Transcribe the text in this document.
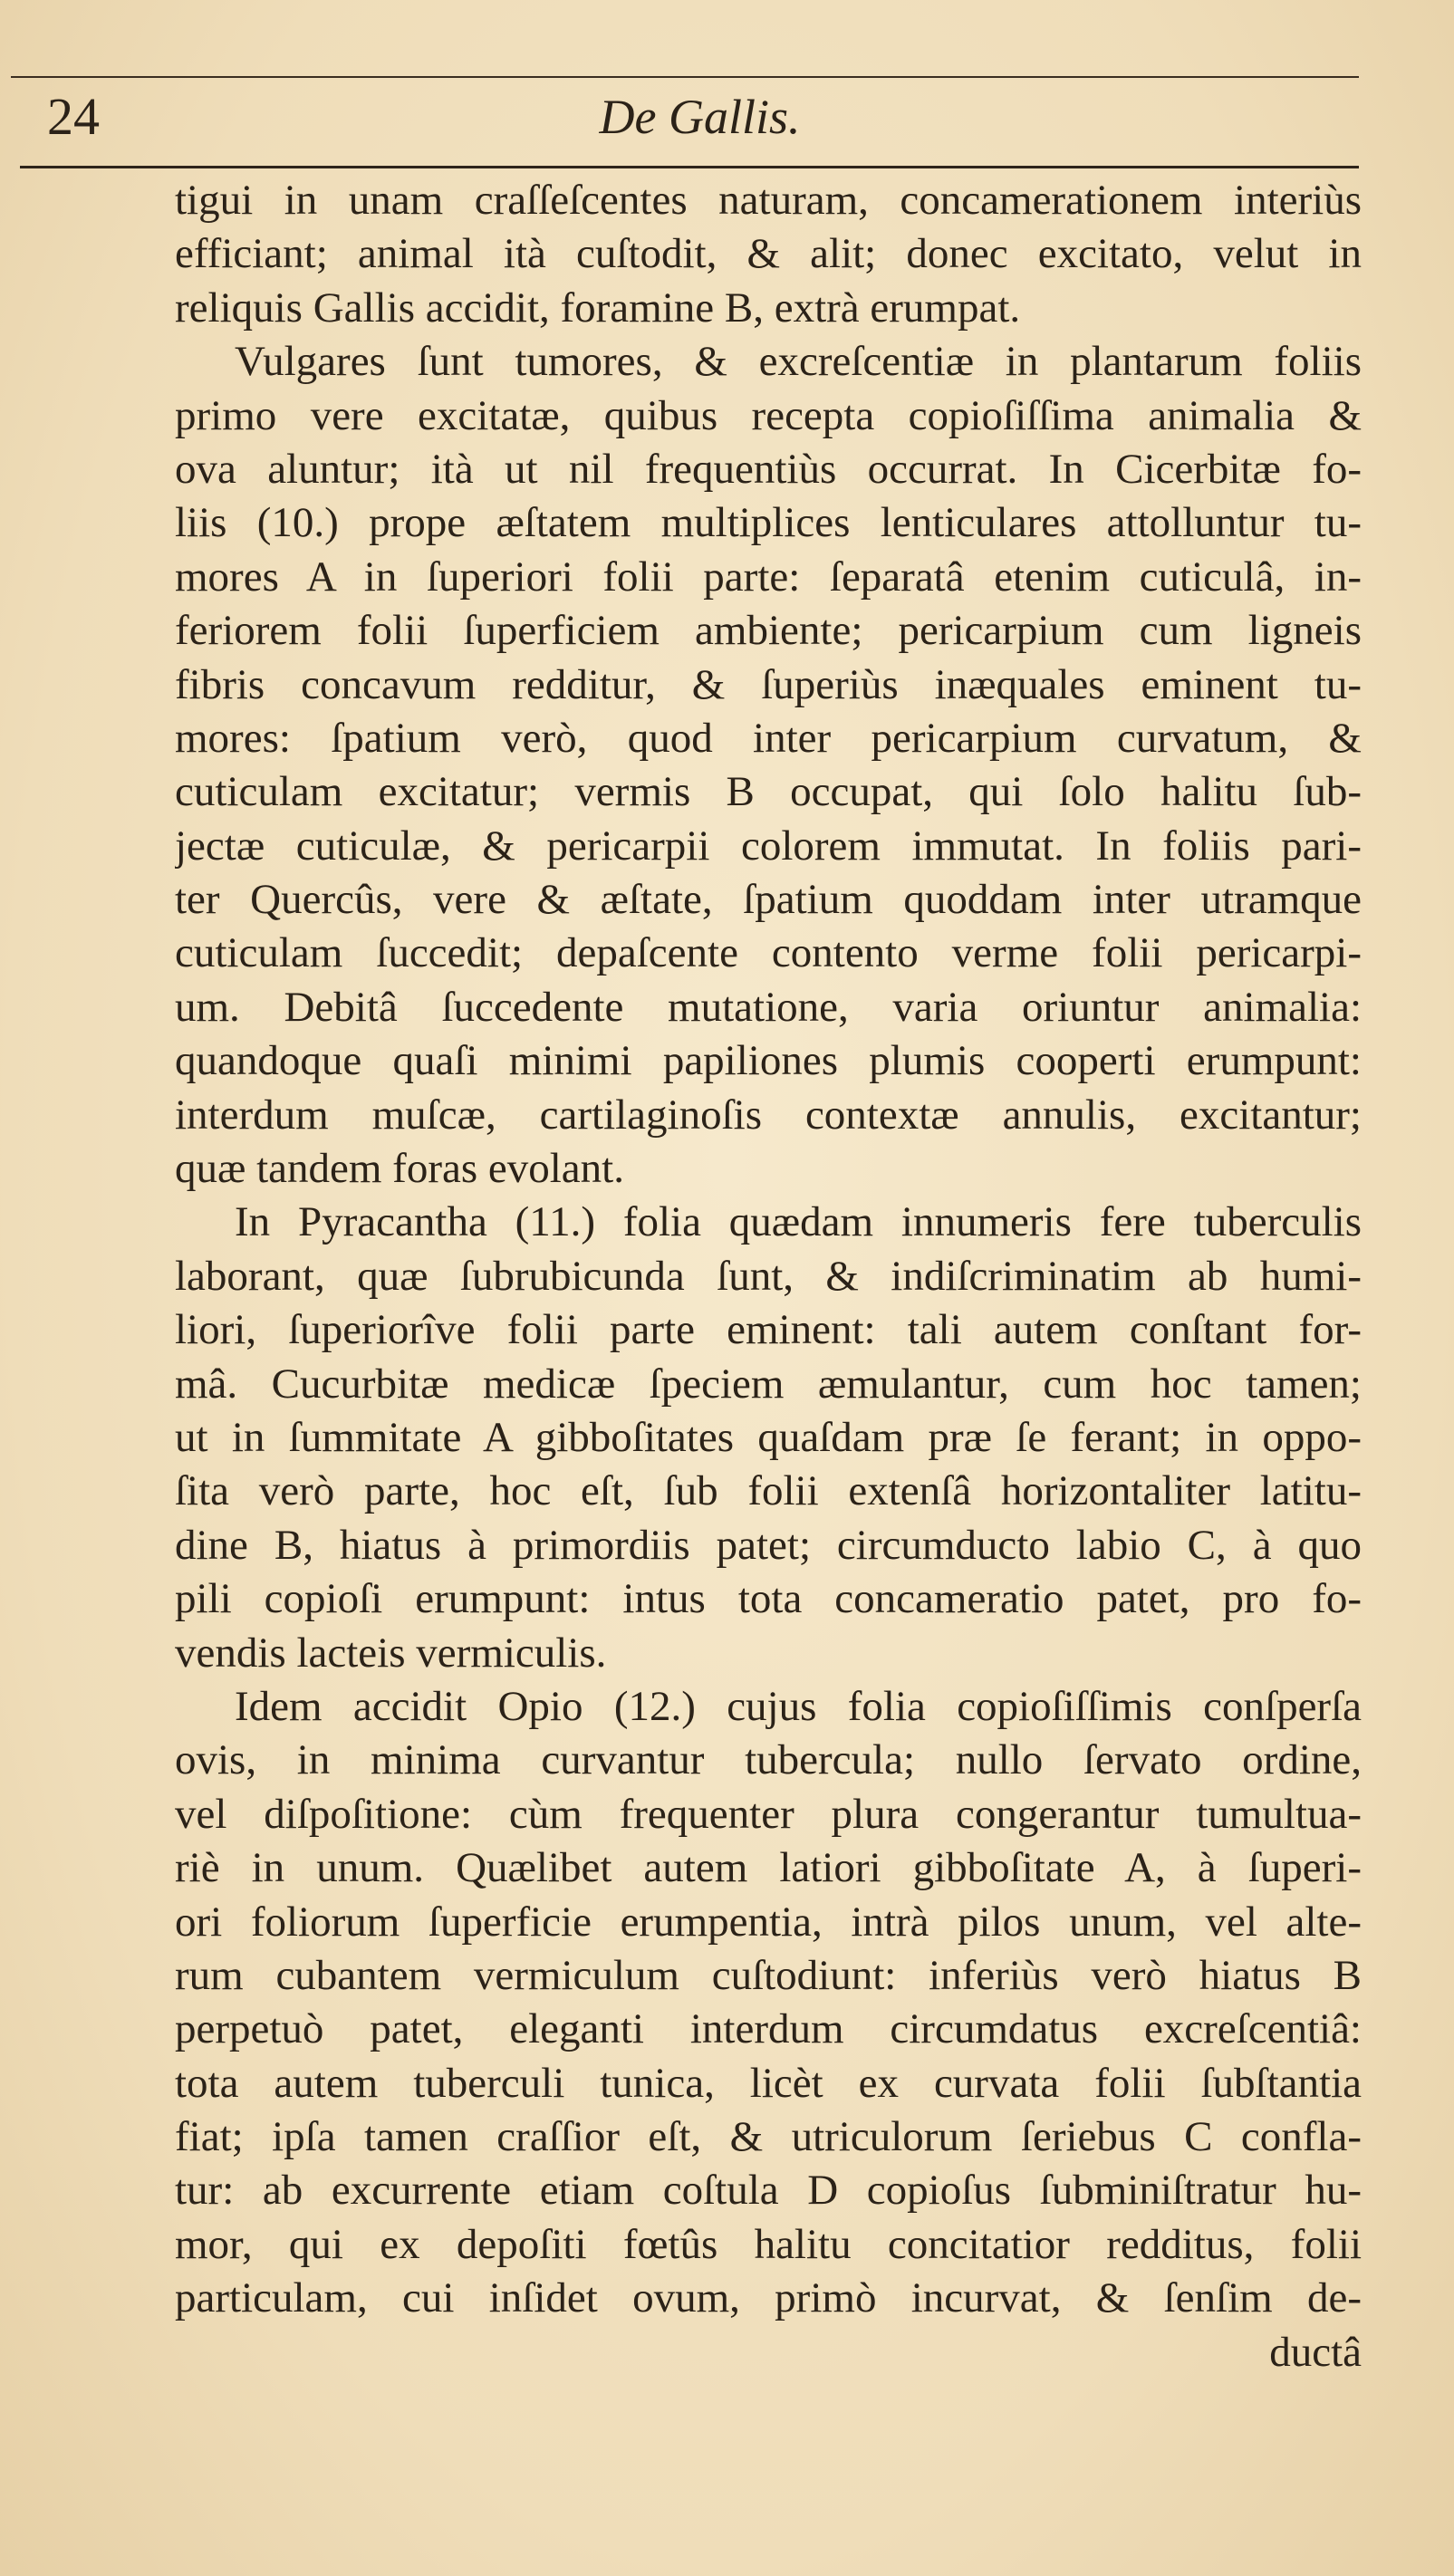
24	De Gallis.
tigui in unam craſſeſcentes naturam, concamerationem interiùs
efficiant; animal ità cuſtodit, & alit; donec excitato, velut in
reliquis Gallis accidit, foramine B, extrà erumpat.
Vulgares ſunt tumores, & excreſcentiæ in plantarum foliis
primo vere excitatæ, quibus recepta copioſiſſima animalia &
ova aluntur; ità ut nil frequentiùs occurrat. In Cicerbitæ fo-
liis (10.) prope æſtatem multiplices lenticulares attolluntur tu-
mores A in ſuperiori folii parte: ſeparatâ etenim cuticulâ, in-
feriorem folii ſuperficiem ambiente; pericarpium cum ligneis
fibris concavum redditur, & ſuperiùs inæquales eminent tu-
mores: ſpatium verò, quod inter pericarpium curvatum, &
cuticulam excitatur; vermis B occupat, qui ſolo halitu ſub-
jectæ cuticulæ, & pericarpii colorem immutat. In foliis pari-
ter Quercûs, vere & æſtate, ſpatium quoddam inter utramque
cuticulam ſuccedit; depaſcente contento verme folii pericarpi-
um. Debitâ ſuccedente mutatione, varia oriuntur animalia:
quandoque quaſi minimi papiliones plumis cooperti erumpunt:
interdum muſcæ, cartilaginoſis contextæ annulis, excitantur;
quæ tandem foras evolant.
In Pyracantha (11.) folia quædam innumeris fere tuberculis
laborant, quæ ſubrubicunda ſunt, & indiſcriminatim ab humi-
liori, ſuperiorîve folii parte eminent: tali autem conſtant for-
mâ. Cucurbitæ medicæ ſpeciem æmulantur, cum hoc tamen;
ut in ſummitate A gibboſitates quaſdam præ ſe ferant; in oppo-
ſita verò parte, hoc eſt, ſub folii extenſâ horizontaliter latitu-
dine B, hiatus à primordiis patet; circumducto labio C, à quo
pili copioſi erumpunt: intus tota concameratio patet, pro fo-
vendis lacteis vermiculis.
Idem accidit Opio (12.) cujus folia copioſiſſimis conſperſa
ovis, in minima curvantur tubercula; nullo ſervato ordine,
vel diſpoſitione: cùm frequenter plura congerantur tumultua-
riè in unum. Quælibet autem latiori gibboſitate A, à ſuperi-
ori foliorum ſuperficie erumpentia, intrà pilos unum, vel alte-
rum cubantem vermiculum cuſtodiunt: inferiùs verò hiatus B
perpetuò patet, eleganti interdum circumdatus excreſcentiâ:
tota autem tuberculi tunica, licèt ex curvata folii ſubſtantia
fiat; ipſa tamen craſſior eſt, & utriculorum ſeriebus C confla-
tur: ab excurrente etiam coſtula D copioſus ſubminiſtratur hu-
mor, qui ex depoſiti fœtûs halitu concitatior redditus, folii
particulam, cui inſidet ovum, primò incurvat, & ſenſim de-
ductâ
